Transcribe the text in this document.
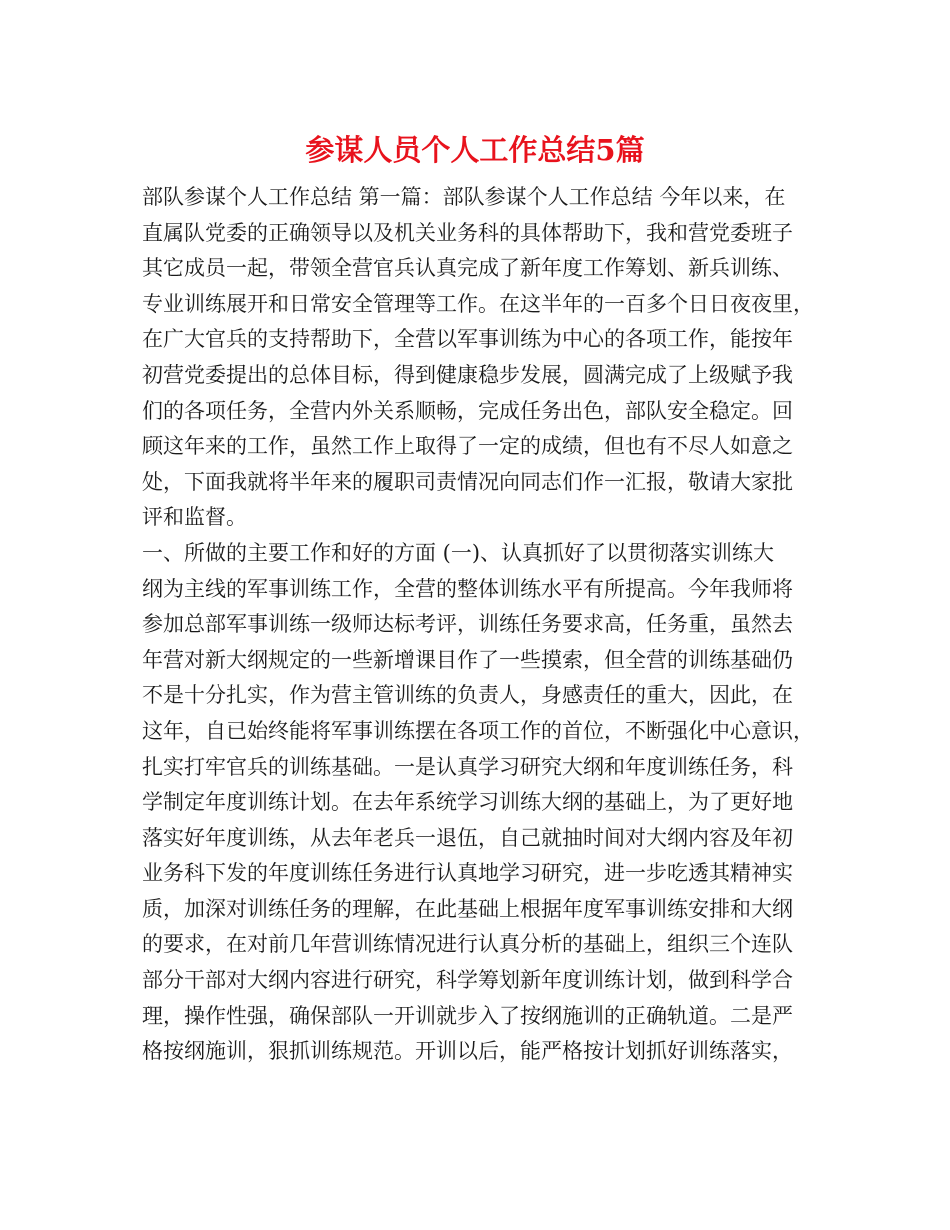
参谋人员个人工作总结5篇
部队参谋个人工作总结 第一篇：部队参谋个人工作总结 今年以来，在
直属队党委的正确领导以及机关业务科的具体帮助下，我和营党委班子
其它成员一起，带领全营官兵认真完成了新年度工作筹划、新兵训练、
专业训练展开和日常安全管理等工作。在这半年的一百多个日日夜夜里，
在广大官兵的支持帮助下，全营以军事训练为中心的各项工作，能按年
初营党委提出的总体目标，得到健康稳步发展，圆满完成了上级赋予我
们的各项任务，全营内外关系顺畅，完成任务出色，部队安全稳定。回
顾这年来的工作，虽然工作上取得了一定的成绩，但也有不尽人如意之
处，下面我就将半年来的履职司责情况向同志们作一汇报，敬请大家批
评和监督。
一、所做的主要工作和好的方面 (一)、认真抓好了以贯彻落实训练大
纲为主线的军事训练工作，全营的整体训练水平有所提高。今年我师将
参加总部军事训练一级师达标考评，训练任务要求高，任务重，虽然去
年营对新大纲规定的一些新增课目作了一些摸索，但全营的训练基础仍
不是十分扎实，作为营主管训练的负责人，身感责任的重大，因此，在
这年，自已始终能将军事训练摆在各项工作的首位，不断强化中心意识，
扎实打牢官兵的训练基础。一是认真学习研究大纲和年度训练任务，科
学制定年度训练计划。在去年系统学习训练大纲的基础上，为了更好地
落实好年度训练，从去年老兵一退伍，自己就抽时间对大纲内容及年初
业务科下发的年度训练任务进行认真地学习研究，进一步吃透其精神实
质，加深对训练任务的理解，在此基础上根据年度军事训练安排和大纲
的要求，在对前几年营训练情况进行认真分析的基础上，组织三个连队
部分干部对大纲内容进行研究，科学筹划新年度训练计划，做到科学合
理，操作性强，确保部队一开训就步入了按纲施训的正确轨道。二是严
格按纲施训，狠抓训练规范。开训以后，能严格按计划抓好训练落实，
